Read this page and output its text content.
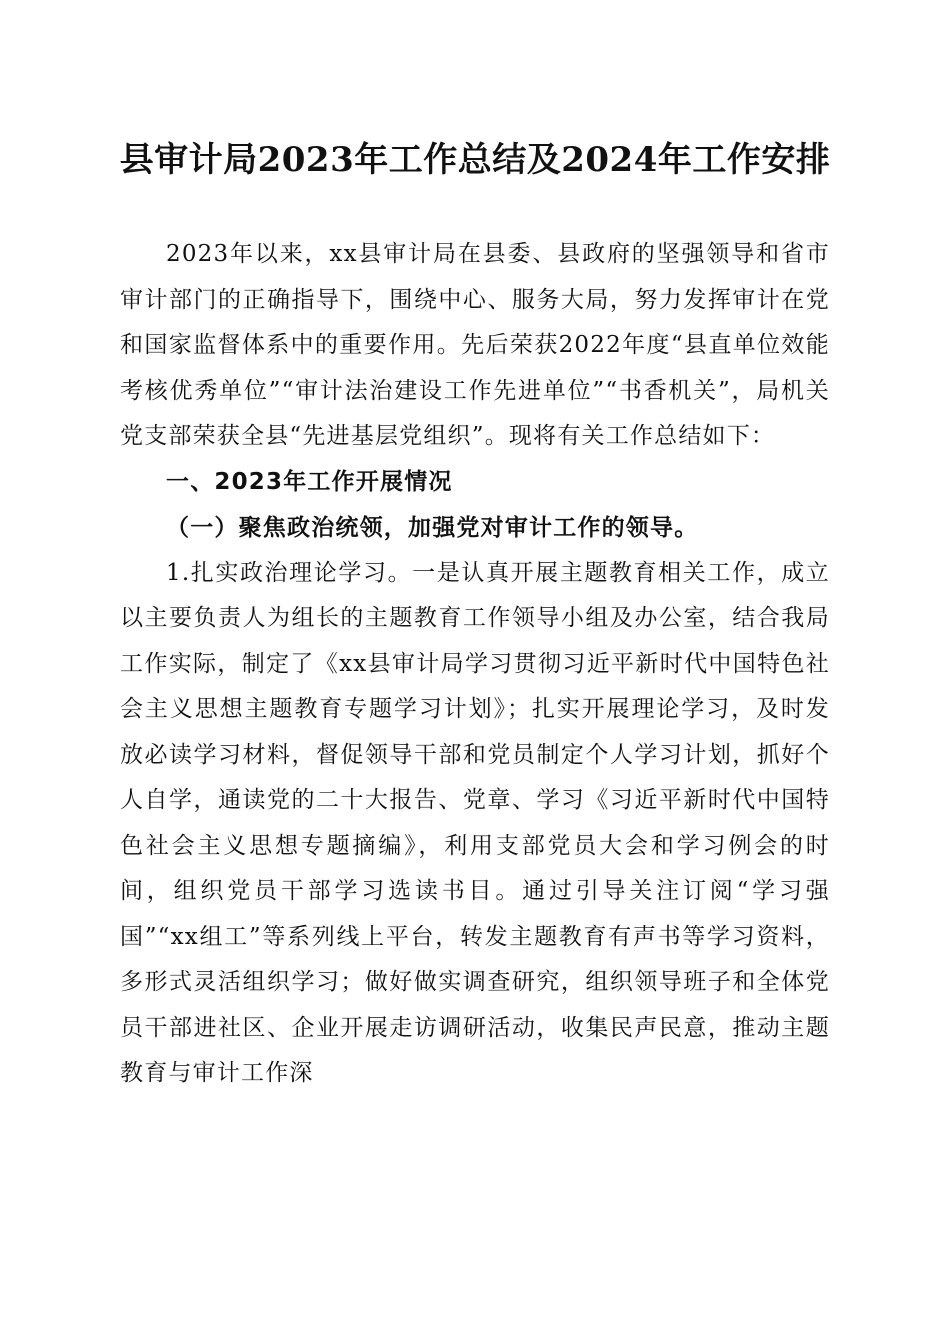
县审计局2023年工作总结及2024年工作安排

2023年以来，xx县审计局在县委、县政府的坚强领导和省市审计部门的正确指导下，围绕中心、服务大局，努力发挥审计在党和国家监督体系中的重要作用。先后荣获2022年度“县直单位效能考核优秀单位”“审计法治建设工作先进单位”“书香机关”，局机关党支部荣获全县“先进基层党组织”。现将有关工作总结如下：

一、2023年工作开展情况

（一）聚焦政治统领，加强党对审计工作的领导。

1.扎实政治理论学习。一是认真开展主题教育相关工作，成立以主要负责人为组长的主题教育工作领导小组及办公室，结合我局工作实际，制定了《xx县审计局学习贯彻习近平新时代中国特色社会主义思想主题教育专题学习计划》；扎实开展理论学习，及时发放必读学习材料，督促领导干部和党员制定个人学习计划，抓好个人自学，通读党的二十大报告、党章、学习《习近平新时代中国特色社会主义思想专题摘编》，利用支部党员大会和学习例会的时间，组织党员干部学习选读书目。通过引导关注订阅“学习强国”“xx组工”等系列线上平台，转发主题教育有声书等学习资料，多形式灵活组织学习；做好做实调查研究，组织领导班子和全体党员干部进社区、企业开展走访调研活动，收集民声民意，推动主题教育与审计工作深
